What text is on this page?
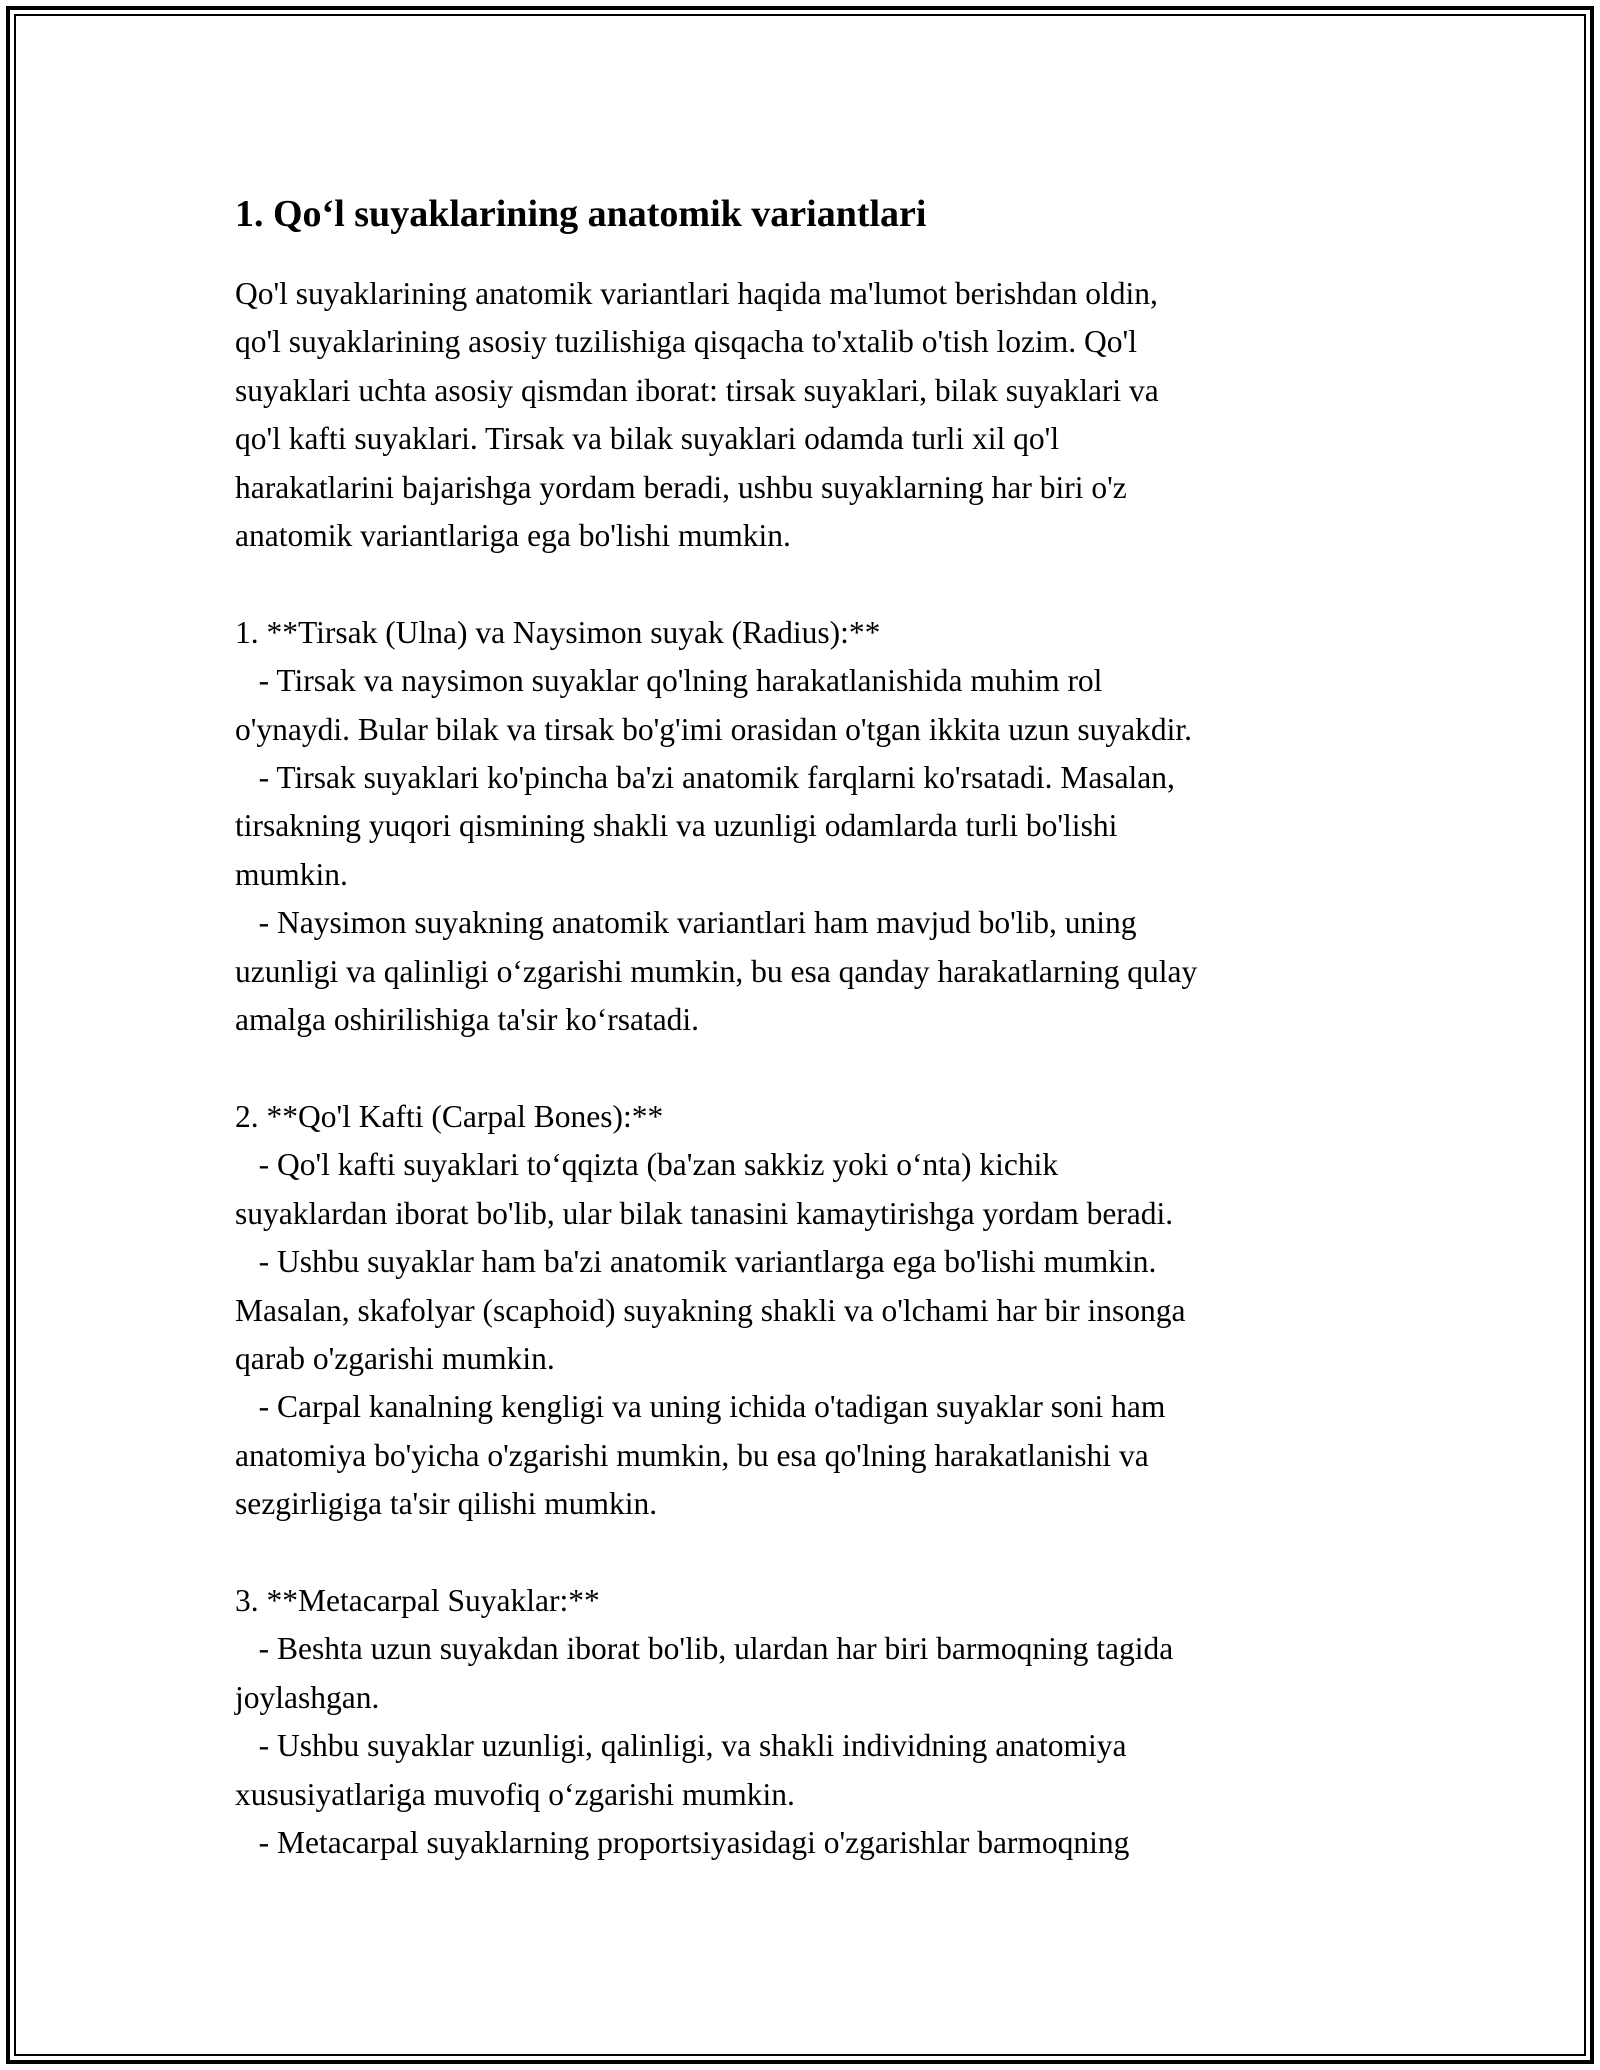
1. Qo‘l suyaklarining anatomik variantlari

Qo'l suyaklarining anatomik variantlari haqida ma'lumot berishdan oldin,
qo'l suyaklarining asosiy tuzilishiga qisqacha to'xtalib o'tish lozim. Qo'l
suyaklari uchta asosiy qismdan iborat: tirsak suyaklari, bilak suyaklari va
qo'l kafti suyaklari. Tirsak va bilak suyaklari odamda turli xil qo'l
harakatlarini bajarishga yordam beradi, ushbu suyaklarning har biri o'z
anatomik variantlariga ega bo'lishi mumkin.

1. **Tirsak (Ulna) va Naysimon suyak (Radius):**
- Tirsak va naysimon suyaklar qo'lning harakatlanishida muhim rol
o'ynaydi. Bular bilak va tirsak bo'g'imi orasidan o'tgan ikkita uzun suyakdir.
- Tirsak suyaklari ko'pincha ba'zi anatomik farqlarni ko'rsatadi. Masalan,
tirsakning yuqori qismining shakli va uzunligi odamlarda turli bo'lishi
mumkin.
- Naysimon suyakning anatomik variantlari ham mavjud bo'lib, uning
uzunligi va qalinligi o‘zgarishi mumkin, bu esa qanday harakatlarning qulay
amalga oshirilishiga ta'sir ko‘rsatadi.

2. **Qo'l Kafti (Carpal Bones):**
- Qo'l kafti suyaklari to‘qqizta (ba'zan sakkiz yoki o‘nta) kichik
suyaklardan iborat bo'lib, ular bilak tanasini kamaytirishga yordam beradi.
- Ushbu suyaklar ham ba'zi anatomik variantlarga ega bo'lishi mumkin.
Masalan, skafolyar (scaphoid) suyakning shakli va o'lchami har bir insonga
qarab o'zgarishi mumkin.
- Carpal kanalning kengligi va uning ichida o'tadigan suyaklar soni ham
anatomiya bo'yicha o'zgarishi mumkin, bu esa qo'lning harakatlanishi va
sezgirligiga ta'sir qilishi mumkin.

3. **Metacarpal Suyaklar:**
- Beshta uzun suyakdan iborat bo'lib, ulardan har biri barmoqning tagida
joylashgan.
- Ushbu suyaklar uzunligi, qalinligi, va shakli individning anatomiya
xususiyatlariga muvofiq o‘zgarishi mumkin.
- Metacarpal suyaklarning proportsiyasidagi o'zgarishlar barmoqning
